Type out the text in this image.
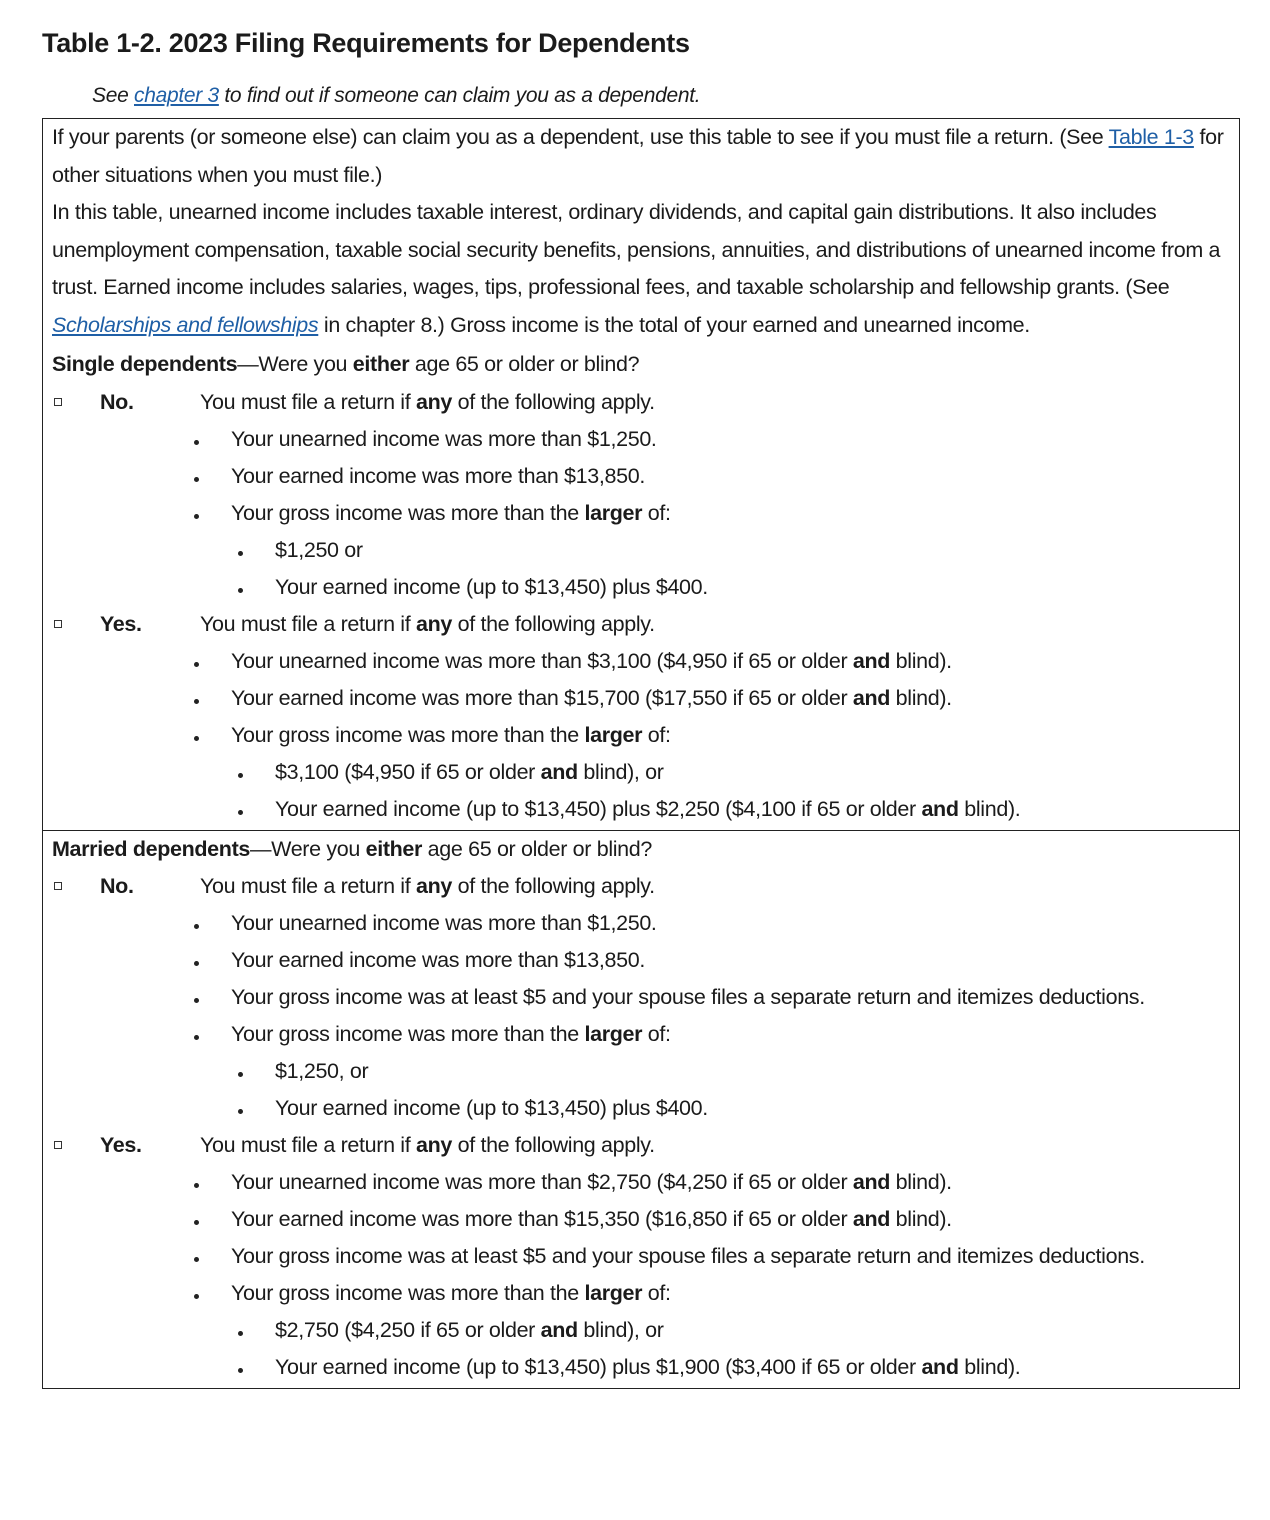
Table 1-2. 2023 Filing Requirements for Dependents
See chapter 3 to find out if someone can claim you as a dependent.
If your parents (or someone else) can claim you as a dependent, use this table to see if you must file a return. (See Table 1-3 for other situations when you must file.)
In this table, unearned income includes taxable interest, ordinary dividends, and capital gain distributions. It also includes unemployment compensation, taxable social security benefits, pensions, annuities, and distributions of unearned income from a trust. Earned income includes salaries, wages, tips, professional fees, and taxable scholarship and fellowship grants. (See Scholarships and fellowships in chapter 8.) Gross income is the total of your earned and unearned income.
Single dependents—Were you either age 65 or older or blind?
No.	You must file a return if any of the following apply.
Your unearned income was more than $1,250.
Your earned income was more than $13,850.
Your gross income was more than the larger of:
$1,250 or
Your earned income (up to $13,450) plus $400.
Yes.	You must file a return if any of the following apply.
Your unearned income was more than $3,100 ($4,950 if 65 or older and blind).
Your earned income was more than $15,700 ($17,550 if 65 or older and blind).
Your gross income was more than the larger of:
$3,100 ($4,950 if 65 or older and blind), or
Your earned income (up to $13,450) plus $2,250 ($4,100 if 65 or older and blind).
Married dependents—Were you either age 65 or older or blind?
No.	You must file a return if any of the following apply.
Your unearned income was more than $1,250.
Your earned income was more than $13,850.
Your gross income was at least $5 and your spouse files a separate return and itemizes deductions.
Your gross income was more than the larger of:
$1,250, or
Your earned income (up to $13,450) plus $400.
Yes.	You must file a return if any of the following apply.
Your unearned income was more than $2,750 ($4,250 if 65 or older and blind).
Your earned income was more than $15,350 ($16,850 if 65 or older and blind).
Your gross income was at least $5 and your spouse files a separate return and itemizes deductions.
Your gross income was more than the larger of:
$2,750 ($4,250 if 65 or older and blind), or
Your earned income (up to $13,450) plus $1,900 ($3,400 if 65 or older and blind).
